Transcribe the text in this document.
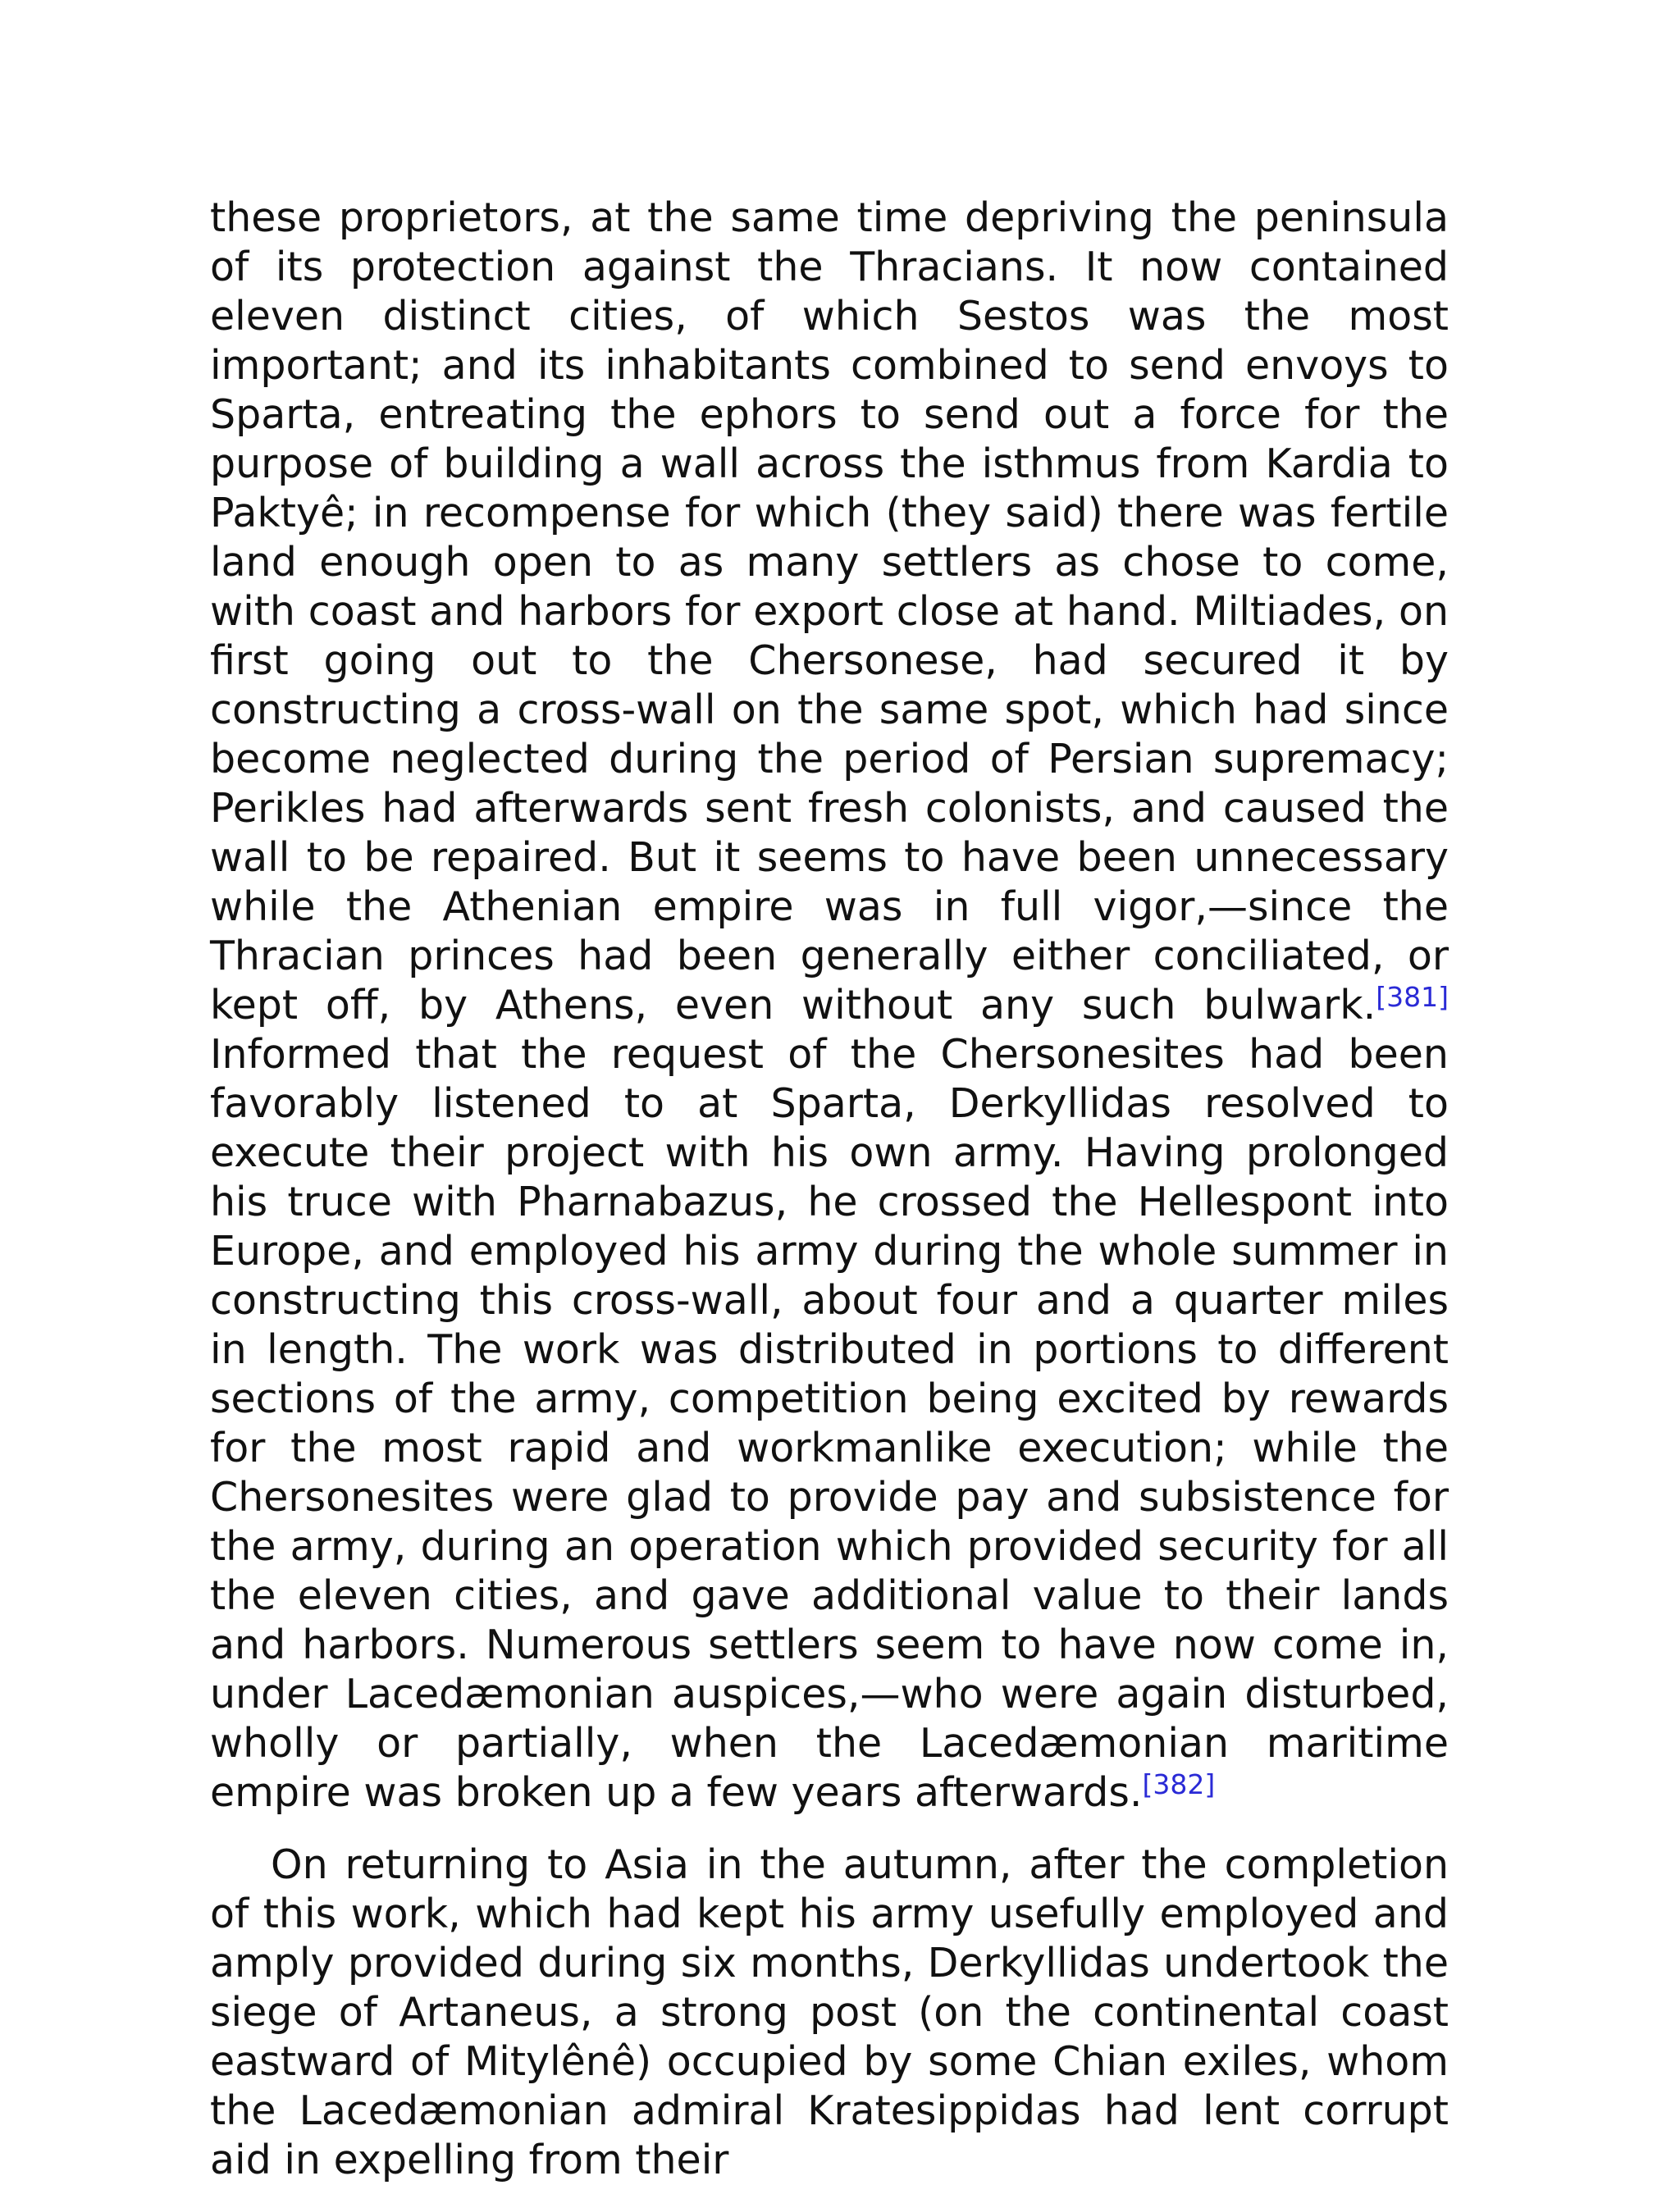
these proprietors, at the same time depriving the peninsula of its protection against the Thracians. It now contained eleven distinct cities, of which Sestos was the most important; and its inhabitants combined to send envoys to Sparta, entreating the ephors to send out a force for the purpose of building a wall across the isthmus from Kardia to Paktyê; in recompense for which (they said) there was fertile land enough open to as many settlers as chose to come, with coast and harbors for export close at hand. Miltiades, on first going out to the Chersonese, had secured it by constructing a cross-wall on the same spot, which had since become neglected during the period of Persian supremacy; Perikles had afterwards sent fresh colonists, and caused the wall to be repaired. But it seems to have been unnecessary while the Athenian empire was in full vigor,—since the Thracian princes had been generally either conciliated, or kept off, by Athens, even without any such bulwark.[381] Informed that the request of the Chersonesites had been favorably listened to at Sparta, Derkyllidas resolved to execute their project with his own army. Having prolonged his truce with Pharnabazus, he crossed the Hellespont into Europe, and employed his army during the whole summer in constructing this cross-wall, about four and a quarter miles in length. The work was distributed in portions to different sections of the army, competition being excited by rewards for the most rapid and workmanlike execution; while the Chersonesites were glad to provide pay and subsistence for the army, during an operation which provided security for all the eleven cities, and gave additional value to their lands and harbors. Numerous settlers seem to have now come in, under Lacedæmonian auspices,—who were again disturbed, wholly or partially, when the Lacedæmonian maritime empire was broken up a few years afterwards.[382]

On returning to Asia in the autumn, after the completion of this work, which had kept his army usefully employed and amply provided during six months, Derkyllidas undertook the siege of Artaneus, a strong post (on the continental coast eastward of Mitylênê) occupied by some Chian exiles, whom the Lacedæmonian admiral Kratesippidas had lent corrupt aid in expelling from their
